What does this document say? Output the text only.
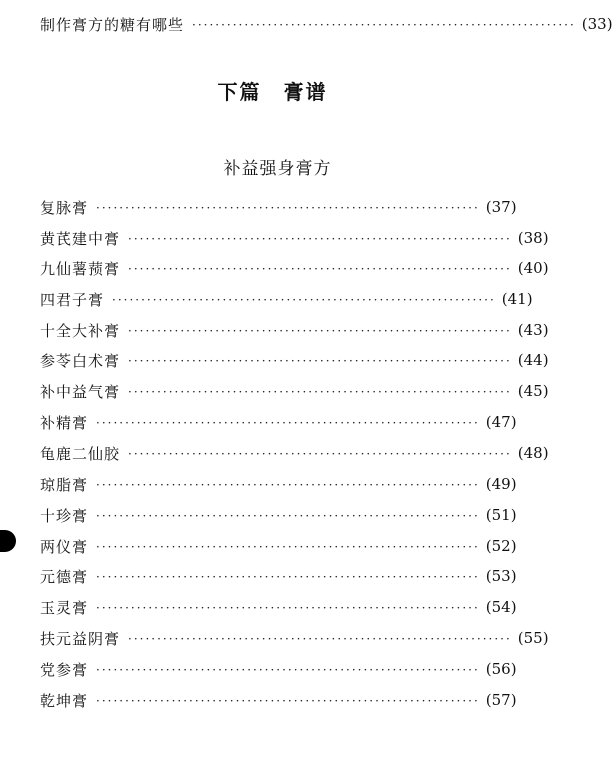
制作膏方的糖有哪些 ·································································· (33)
下篇　膏谱
补益强身膏方
复脉膏 ·································································· (37)
黄芪建中膏 ·································································· (38)
九仙薯蓣膏 ·································································· (40)
四君子膏 ·································································· (41)
十全大补膏 ·································································· (43)
参苓白术膏 ·································································· (44)
补中益气膏 ·································································· (45)
补精膏 ·································································· (47)
龟鹿二仙胶 ·································································· (48)
琼脂膏 ·································································· (49)
十珍膏 ·································································· (51)
两仪膏 ·································································· (52)
元德膏 ·································································· (53)
玉灵膏 ·································································· (54)
扶元益阴膏 ·································································· (55)
党参膏 ·································································· (56)
乾坤膏 ·································································· (57)
